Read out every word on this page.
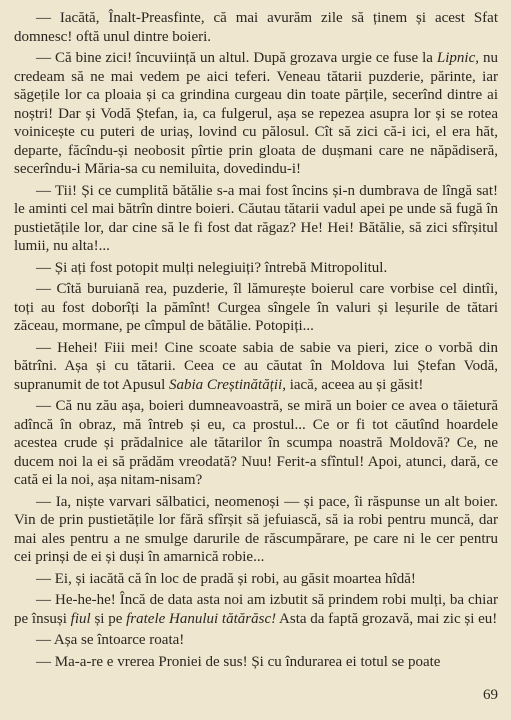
— Iacătă, Înalt-Preasfinte, că mai avurăm zile să ținem și acest Sfat domnesc! oftă unul dintre boieri.

— Că bine zici! încuviință un altul. După grozava urgie ce fuse la Lipnic, nu credeam să ne mai vedem pe aici teferi. Veneau tătarii puzderie, părinte, iar săgețile lor ca ploaia și ca grindina curgeau din toate părțile, secerînd dintre ai noștri! Dar și Vodă Ștefan, ia, ca fulgerul, așa se repezea asupra lor și se rotea voinicește cu puteri de uriaș, lovind cu pălosul. Cît să zici că-i ici, el era hăt, departe, făcîndu-și neobosit pîrtie prin gloata de dușmani care ne năpădiseră, secerîndu-i Măria-sa cu nemiluita, dovedindu-i!

— Tii! Și ce cumplită bătălie s-a mai fost încins și-n dumbrava de lîngă sat! le aminti cel mai bătrîn dintre boieri. Căutau tătarii vadul apei pe unde să fugă în pustietățile lor, dar cine să le fi fost dat răgaz? He! Hei! Bătălie, să zici sfîrșitul lumii, nu alta!...

— Și ați fost potopit mulți nelegiuiți? întrebă Mitropolitul.

— Cîtă buruiană rea, puzderie, îl lămurește boierul care vorbise cel dintîi, toți au fost doborîți la pămînt! Curgea sîngele în valuri și leșurile de tătari zăceau, mormane, pe cîmpul de bătălie. Potopiți...

— Hehei! Fiii mei! Cine scoate sabia de sabie va pieri, zice o vorbă din bătrîni. Așa și cu tătarii. Ceea ce au căutat în Moldova lui Ștefan Vodă, supranumit de tot Apusul Sabia Creștinătății, iacă, aceea au și găsit!

— Că nu zău așa, boieri dumneavoastră, se miră un boier ce avea o tăietură adîncă în obraz, mă întreb și eu, ca prostul... Ce or fi tot căutînd hoardele acestea crude și prădalnice ale tătarilor în scumpa noastră Moldovă? Ce, ne ducem noi la ei să prădăm vreodată? Nuu! Ferit-a sfîntul! Apoi, atunci, dară, ce cată ei la noi, așa nitam-nisam?

— Ia, niște varvari sălbatici, neomenoși — și pace, îi răspunse un alt boier. Vin de prin pustietățile lor fără sfîrșit să jefuiască, să ia robi pentru muncă, dar mai ales pentru a ne smulge darurile de răscumpărare, pe care ni le cer pentru cei prinși de ei și duși în amarnică robie...

— Ei, și iacătă că în loc de pradă și robi, au găsit moartea hîdă!

— He-he-he! Încă de data asta noi am izbutit să prindem robi mulți, ba chiar pe însuși fiul și pe fratele Hanului tătărăsc! Asta da faptă grozavă, mai zic și eu!

— Așa se întoarce roata!

— Ma-a-re e vrerea Proniei de sus! Și cu îndurarea ei totul se poate

69
